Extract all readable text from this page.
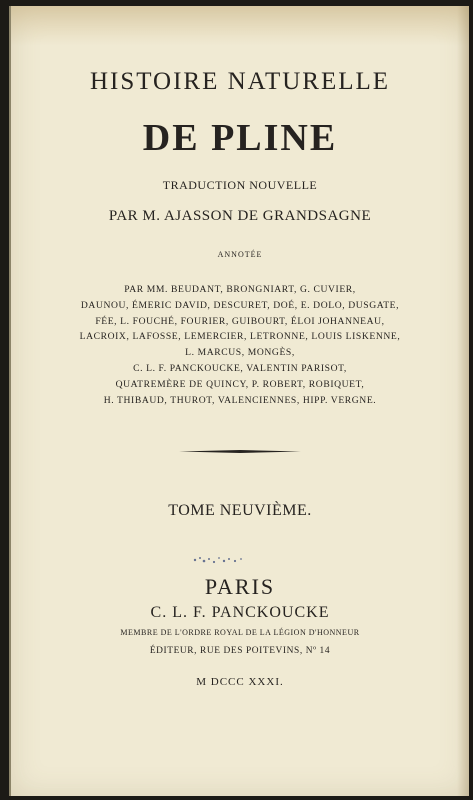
HISTOIRE NATURELLE
DE PLINE
TRADUCTION NOUVELLE
PAR M. AJASSON DE GRANDSAGNE
ANNOTÉE
PAR MM. BEUDANT, BRONGNIART, G. CUVIER,
DAUNOU, ÉMERIC DAVID, DESCURET, DOÉ, E. DOLO, DUSGATE,
FÉE, L. FOUCHÉ, FOURIER, GUIBOURT, ÉLOI JOHANNEAU,
LACROIX, LAFOSSE, LEMERCIER, LETRONNE, LOUIS LISKENNE,
L. MARCUS, MONGÈS,
C. L. F. PANCKOUCKE, VALENTIN PARISOT,
QUATREMÈRE DE QUINCY, P. ROBERT, ROBIQUET,
H. THIBAUD, THUROT, VALENCIENNES, HIPP. VERGNE.
TOME NEUVIÈME.
PARIS
C. L. F. PANCKOUCKE
MEMBRE DE L'ORDRE ROYAL DE LA LÉGION D'HONNEUR
ÉDITEUR, RUE DES POITEVINS, Nº 14
M DCCC XXXI.
